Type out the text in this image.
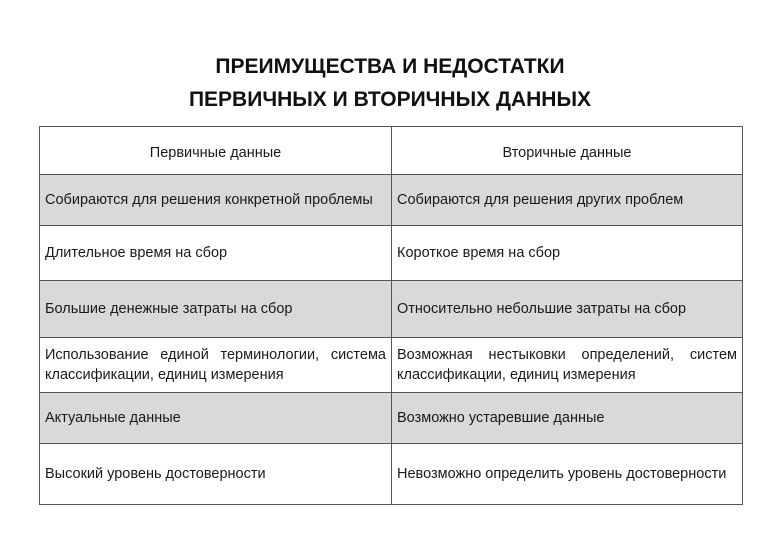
ПРЕИМУЩЕСТВА И НЕДОСТАТКИ
ПЕРВИЧНЫХ И ВТОРИЧНЫХ ДАННЫХ
Первичные данные	Вторичные данные

Собираются для решения конкретной проблемы	Собираются для решения других проблем
Длительное время на сбор	Короткое время на сбор
Большие денежные затраты на сбор	Относительно небольшие затраты на сбор
Использование единой терминологии, система классификации, единиц измерения	Возможная нестыковки определений, систем классификации, единиц измерения
Актуальные данные	Возможно устаревшие данные
Высокий уровень достоверности	Невозможно определить уровень достоверности
